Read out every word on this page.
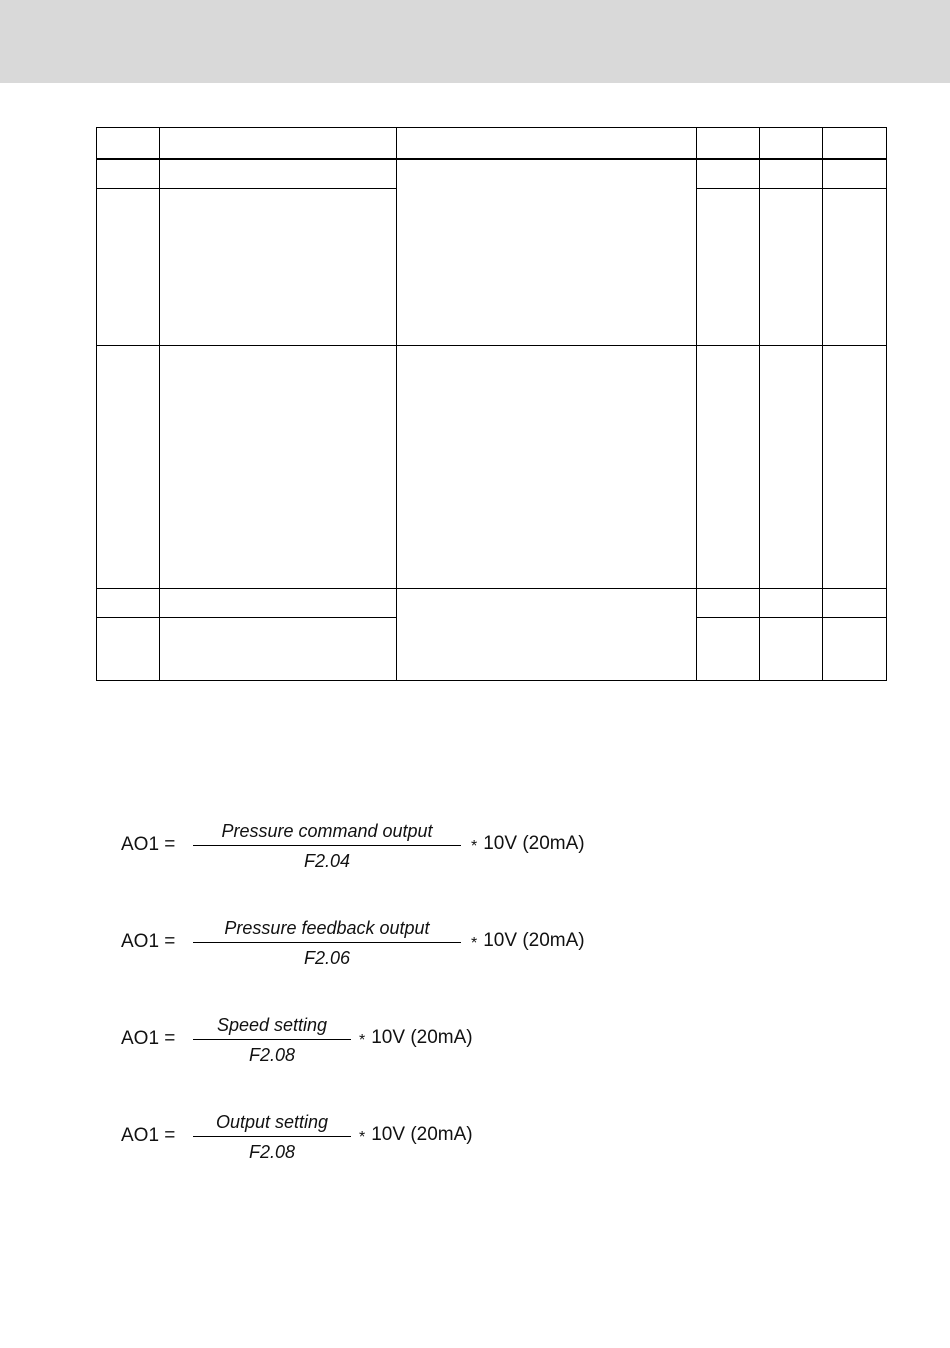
AO1 =
Pressure command output
F2.04
* 10V (20mA)
AO1 =
Pressure feedback output
F2.06
* 10V (20mA)
AO1 =
Speed setting
F2.08
* 10V (20mA)
AO1 =
Output setting
F2.08
* 10V (20mA)
